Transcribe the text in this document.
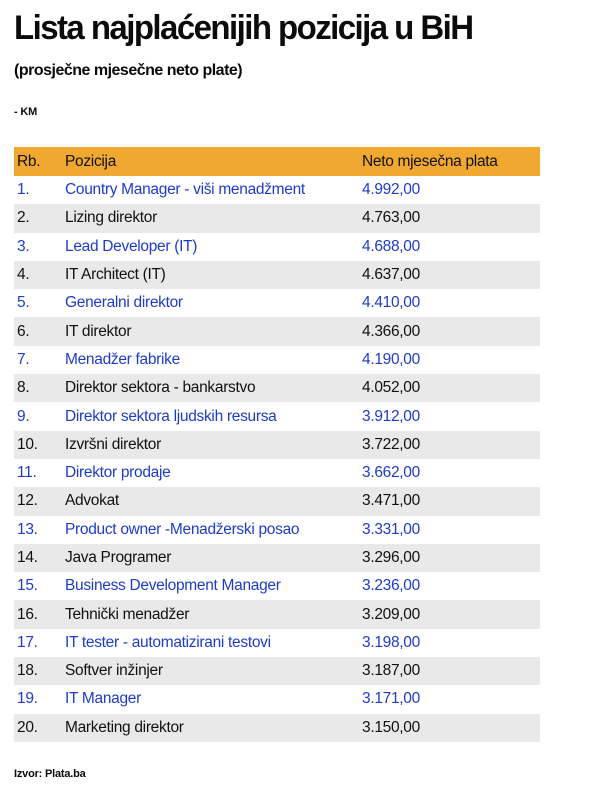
Lista najplaćenijih pozicija u BiH
(prosječne mjesečne neto plate)
- KM
Rb.	Pozicija	Neto mjesečna plata
1.	Country Manager - viši menadžment	4.992,00
2.	Lizing direktor	4.763,00
3.	Lead Developer (IT)	4.688,00
4.	IT Architect (IT)	4.637,00
5.	Generalni direktor	4.410,00
6.	IT direktor	4.366,00
7.	Menadžer fabrike	4.190,00
8.	Direktor sektora - bankarstvo	4.052,00
9.	Direktor sektora ljudskih resursa	3.912,00
10.	Izvršni direktor	3.722,00
11.	Direktor prodaje	3.662,00
12.	Advokat	3.471,00
13.	Product owner -Menadžerski posao	3.331,00
14.	Java Programer	3.296,00
15.	Business Development Manager	3.236,00
16.	Tehnički menadžer	3.209,00
17.	IT tester - automatizirani testovi	3.198,00
18.	Softver inžinjer	3.187,00
19.	IT Manager	3.171,00
20.	Marketing direktor	3.150,00
Izvor: Plata.ba
